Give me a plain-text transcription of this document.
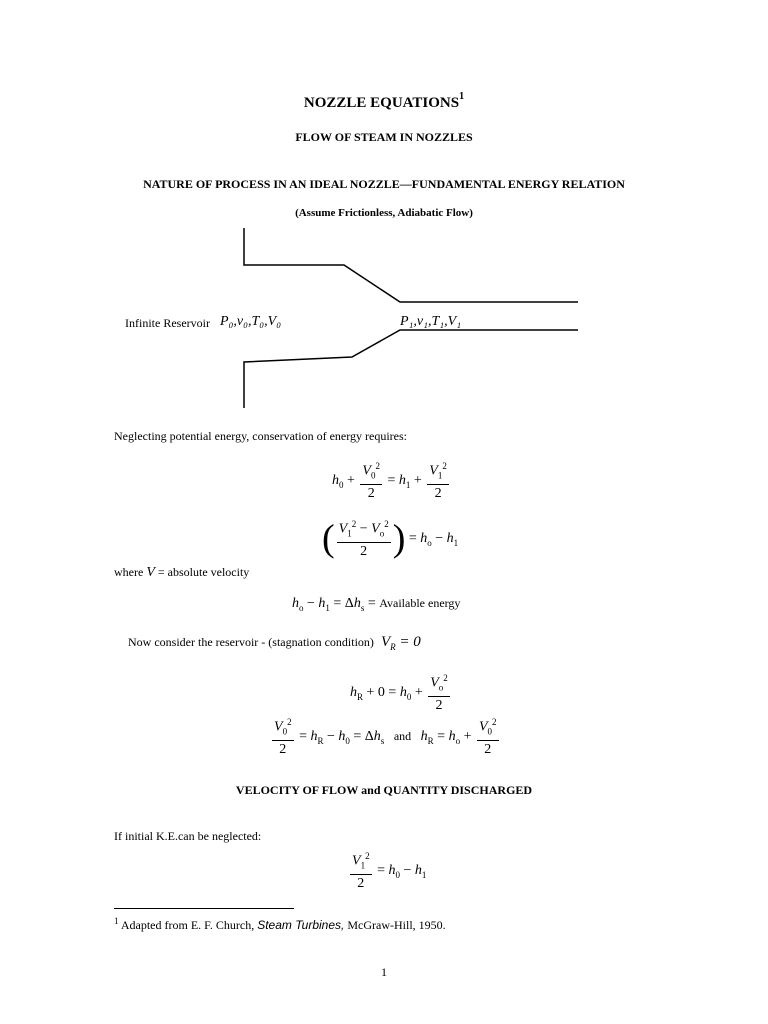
NOZZLE EQUATIONS$^1$
FLOW OF STEAM IN NOZZLES
NATURE OF PROCESS IN AN IDEAL NOZZLE—FUNDAMENTAL ENERGY RELATION
(Assume Frictionless, Adiabatic Flow)
Infinite Reservoir P₀,v₀,T₀,V₀	P₁,v₁,T₁,V₁
Neglecting potential energy, conservation of energy requires:
$h_0 + \frac{V_0^2}{2} = h_1 + \frac{V_1^2}{2}$
( $\frac{V_1^2 - V_o^2}{2}$ ) = $h_o - h_1$
where V = absolute velocity
$h_o - h_1 = \Delta h_s$ = Available energy
Now consider the reservoir - (stagnation condition) $V_R = 0$
$h_R + 0 = h_0 + \frac{V_o^2}{2}$
$\frac{V_0^2}{2} = h_R - h_0 = \Delta h_s$ and $h_R = h_o + \frac{V_0^2}{2}$
VELOCITY OF FLOW and QUANTITY DISCHARGED
If initial K.E.can be neglected:
$\frac{V_1^2}{2} = h_0 - h_1$
$^1$ Adapted from E. F. Church, Steam Turbines, McGraw-Hill, 1950.
1
